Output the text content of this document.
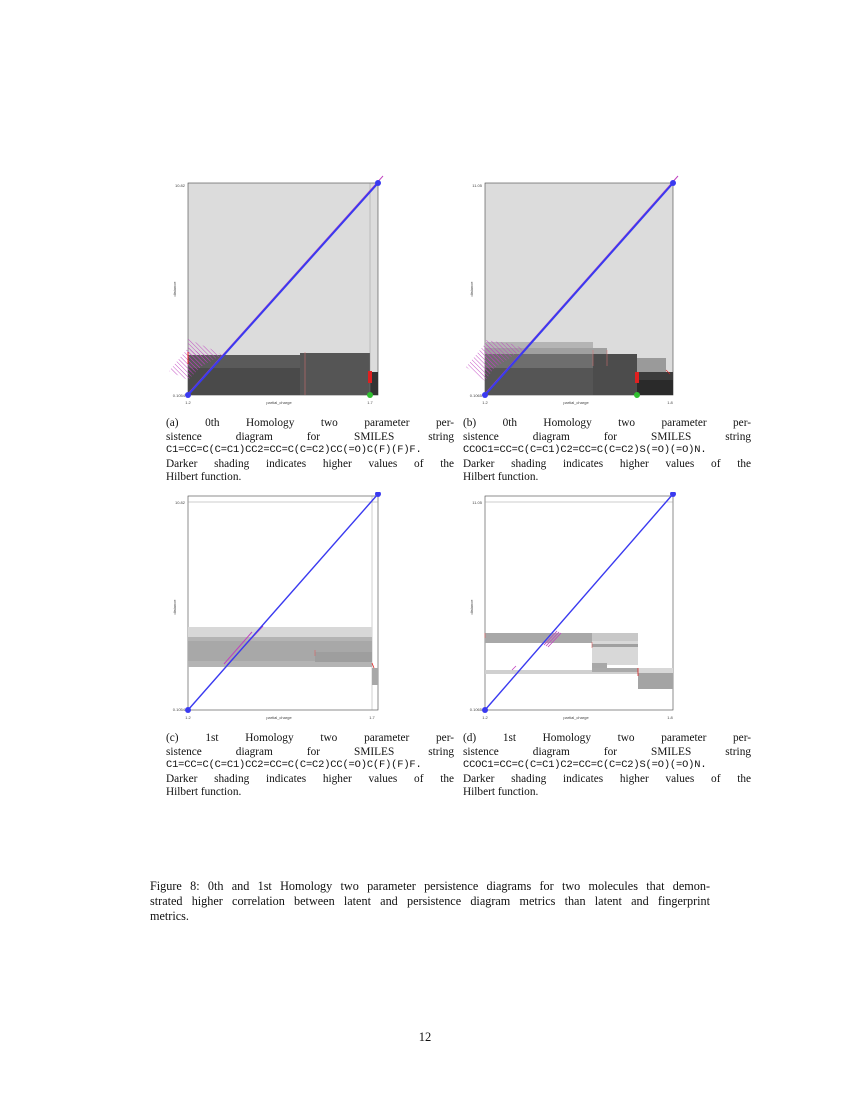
10.82
0.1054
1.2	1.7
partial_charge
distance
(a) 0th Homology two parameter per-
sistence diagram for SMILES string
C1=CC=C(C=C1)CC2=CC=C(C=C2)CC(=O)C(F)(F)F.
Darker shading indicates higher values of the
Hilbert function.
11.05
0.1065
1.2	1.8
partial_charge
distance
(b) 0th Homology two parameter per-
sistence diagram for SMILES string
CCOC1=CC=C(C=C1)C2=CC=C(C=C2)S(=O)(=O)N.
Darker shading indicates higher values of the
Hilbert function.
10.82
0.1054
1.2	1.7
partial_charge
distance
(c) 1st Homology two parameter per-
sistence diagram for SMILES string
C1=CC=C(C=C1)CC2=CC=C(C=C2)CC(=O)C(F)(F)F.
Darker shading indicates higher values of the
Hilbert function.
11.05
0.1065
1.2	1.8
partial_charge
distance
(d) 1st Homology two parameter per-
sistence diagram for SMILES string
CCOC1=CC=C(C=C1)C2=CC=C(C=C2)S(=O)(=O)N.
Darker shading indicates higher values of the
Hilbert function.
Figure 8: 0th and 1st Homology two parameter persistence diagrams for two molecules that demon-
strated higher correlation between latent and persistence diagram metrics than latent and fingerprint
metrics.
12
